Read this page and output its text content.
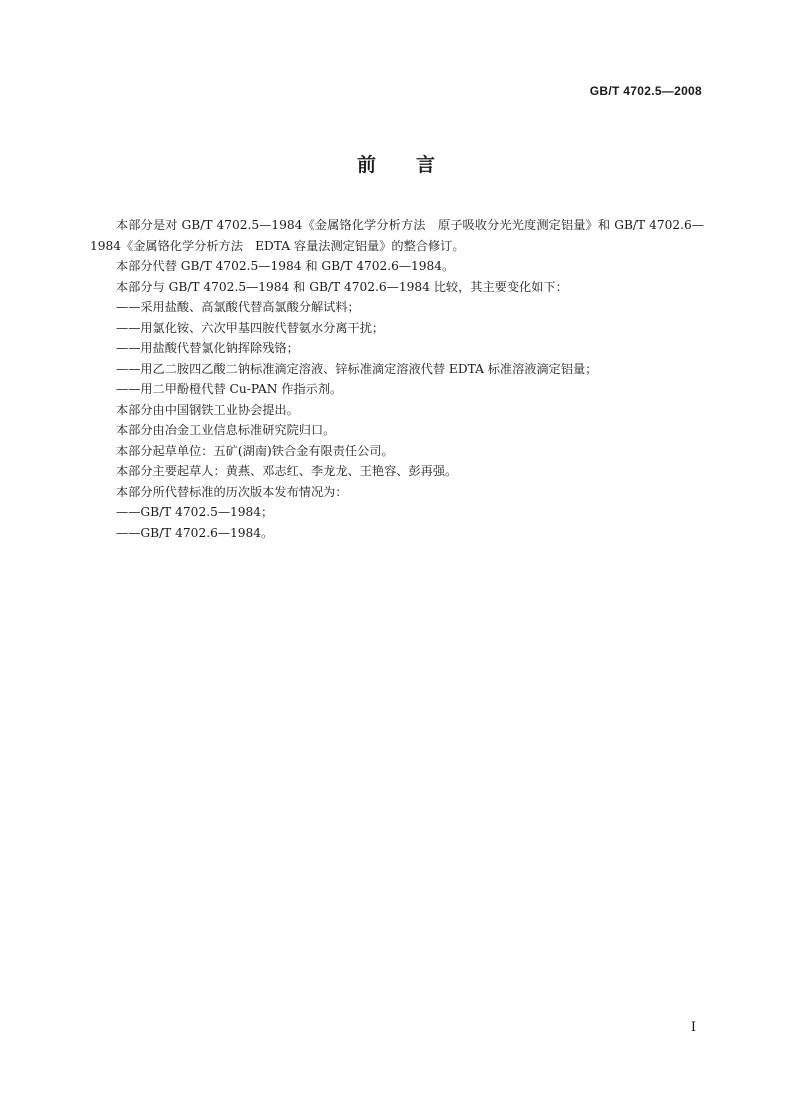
GB/T 4702.5—2008
前言

本部分是对 GB/T 4702.5—1984《金属铬化学分析方法　原子吸收分光光度测定铝量》和 GB/T 4702.6—1984《金属铬化学分析方法　EDTA 容量法测定铝量》的整合修订。

本部分代替 GB/T 4702.5—1984 和 GB/T 4702.6—1984。

本部分与 GB/T 4702.5—1984 和 GB/T 4702.6—1984 比较，其主要变化如下：

——采用盐酸、高氯酸代替高氯酸分解试料；

——用氯化铵、六次甲基四胺代替氨水分离干扰；

——用盐酸代替氯化钠挥除残铬；

——用乙二胺四乙酸二钠标准滴定溶液、锌标准滴定溶液代替 EDTA 标准溶液滴定铝量；

——用二甲酚橙代替 Cu-PAN 作指示剂。

本部分由中国钢铁工业协会提出。

本部分由冶金工业信息标准研究院归口。

本部分起草单位：五矿(湖南)铁合金有限责任公司。

本部分主要起草人：黄燕、邓志红、李龙龙、王艳容、彭再强。

本部分所代替标准的历次版本发布情况为：

——GB/T 4702.5—1984；

——GB/T 4702.6—1984。

I
